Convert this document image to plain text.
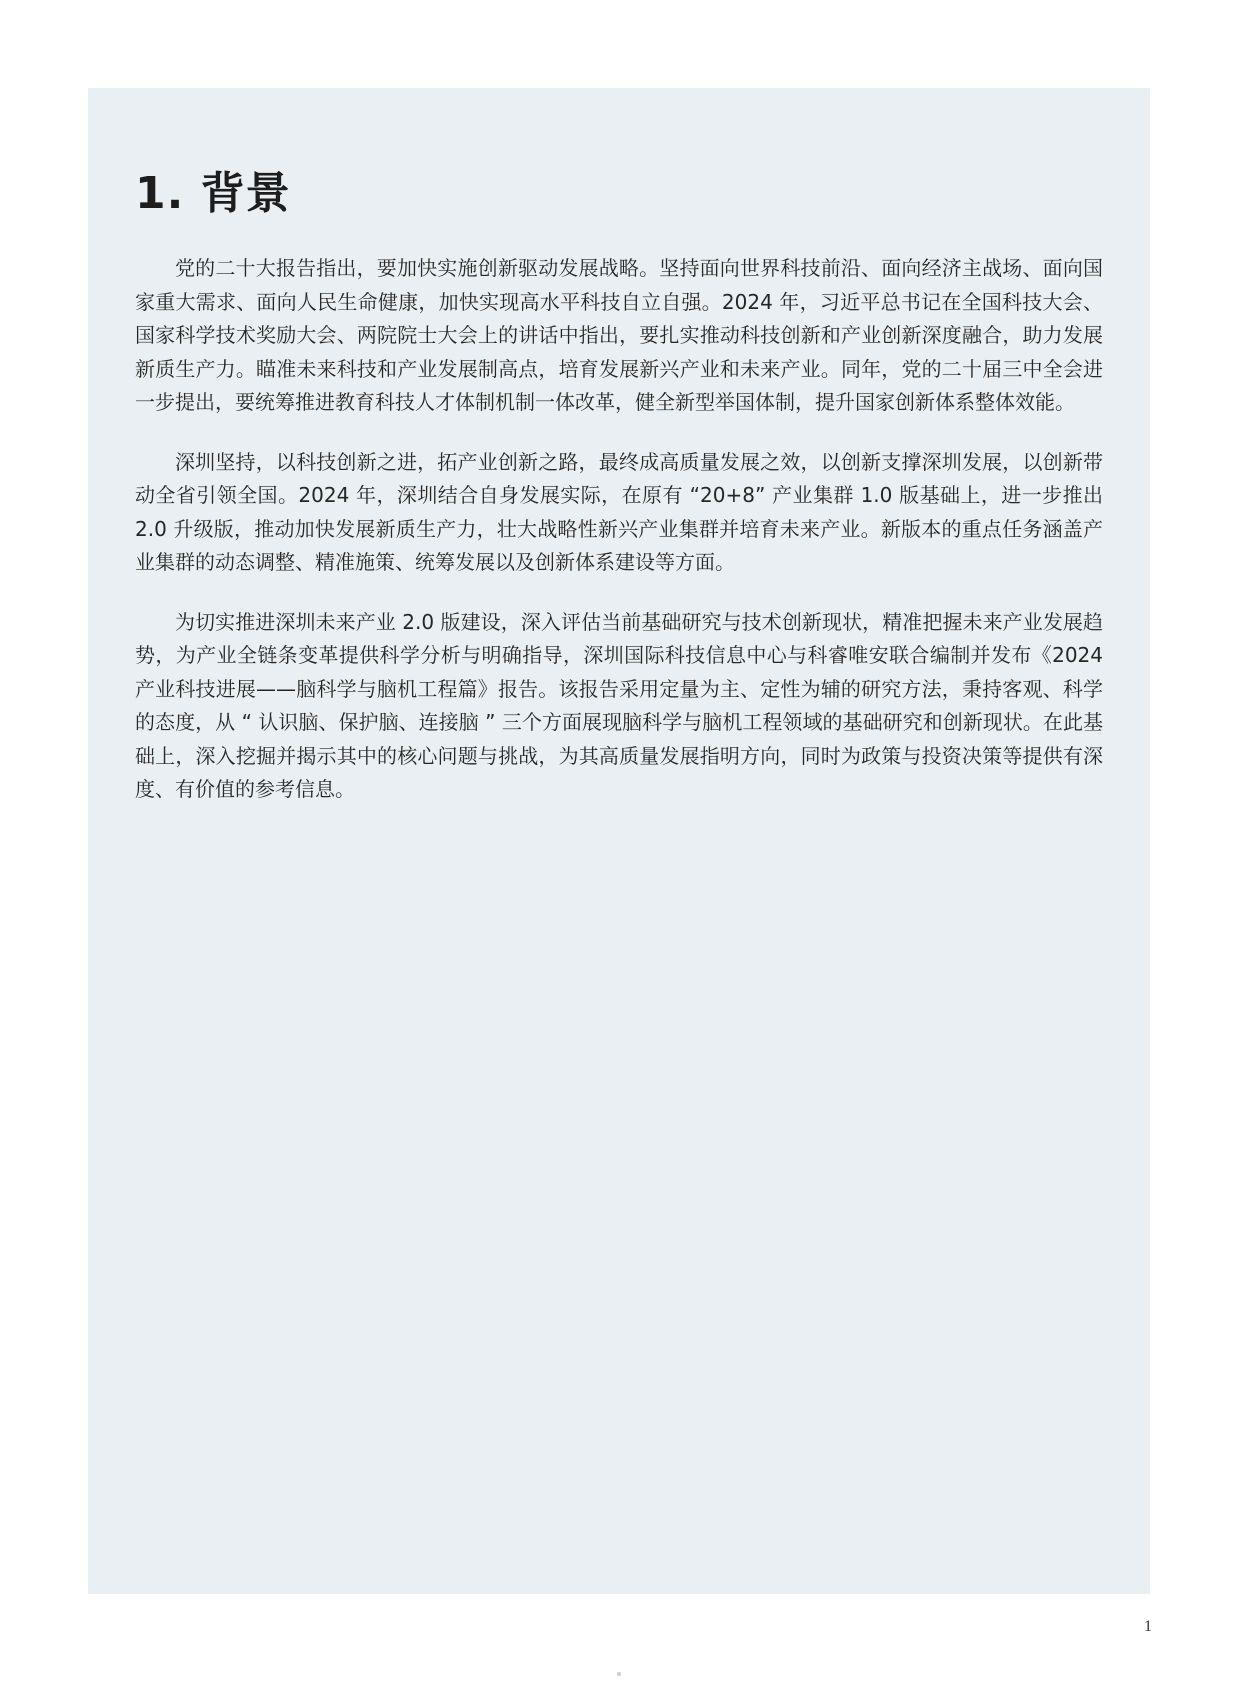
1. 背景

党的二十大报告指出，要加快实施创新驱动发展战略。坚持面向世界科技前沿、面向经济主战场、面向国家重大需求、面向人民生命健康，加快实现高水平科技自立自强。2024 年，习近平总书记在全国科技大会、国家科学技术奖励大会、两院院士大会上的讲话中指出，要扎实推动科技创新和产业创新深度融合，助力发展新质生产力。瞄准未来科技和产业发展制高点，培育发展新兴产业和未来产业。同年，党的二十届三中全会进一步提出，要统筹推进教育科技人才体制机制一体改革，健全新型举国体制，提升国家创新体系整体效能。

深圳坚持，以科技创新之进，拓产业创新之路，最终成高质量发展之效，以创新支撑深圳发展，以创新带动全省引领全国。2024 年，深圳结合自身发展实际，在原有 “20+8” 产业集群 1.0 版基础上，进一步推出 2.0 升级版，推动加快发展新质生产力，壮大战略性新兴产业集群并培育未来产业。新版本的重点任务涵盖产业集群的动态调整、精准施策、统筹发展以及创新体系建设等方面。

为切实推进深圳未来产业 2.0 版建设，深入评估当前基础研究与技术创新现状，精准把握未来产业发展趋势，为产业全链条变革提供科学分析与明确指导，深圳国际科技信息中心与科睿唯安联合编制并发布《2024 产业科技进展——脑科学与脑机工程篇》报告。该报告采用定量为主、定性为辅的研究方法，秉持客观、科学的态度，从 “ 认识脑、保护脑、连接脑 ” 三个方面展现脑科学与脑机工程领域的基础研究和创新现状。在此基础上，深入挖掘并揭示其中的核心问题与挑战，为其高质量发展指明方向，同时为政策与投资决策等提供有深度、有价值的参考信息。

1
